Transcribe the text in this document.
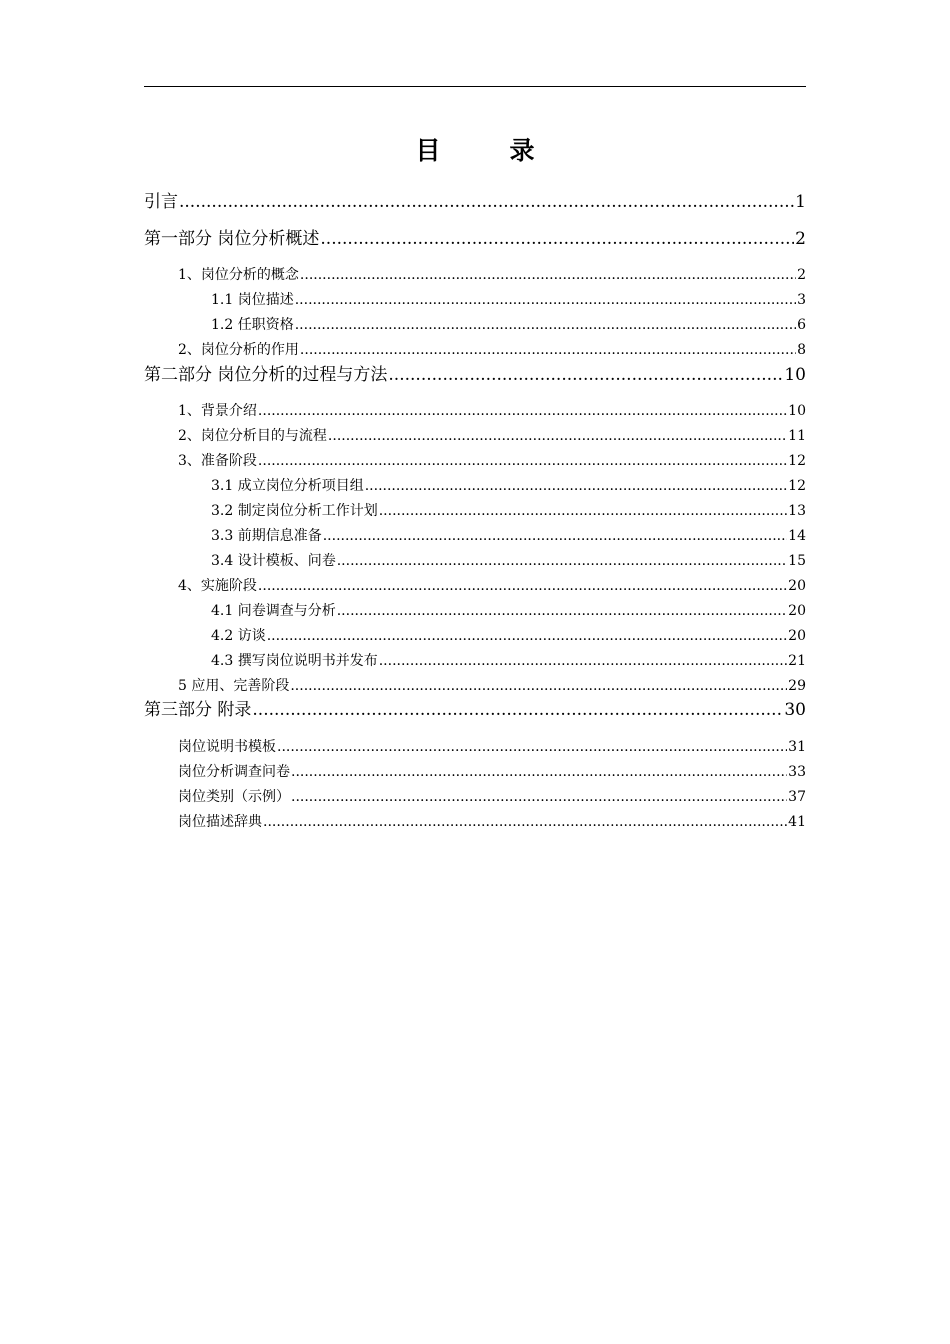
目　录
引言 .....	1
第一部分 岗位分析概述 .....	2
1、岗位分析的概念 .....	2
1.1 岗位描述 .....	3
1.2 任职资格 .....	6
2、岗位分析的作用 .....	8
第二部分 岗位分析的过程与方法 .....	10
1、背景介绍 .....	10
2、岗位分析目的与流程 .....	11
3、准备阶段 .....	12
3.1 成立岗位分析项目组 .....	12
3.2 制定岗位分析工作计划 .....	13
3.3 前期信息准备 .....	14
3.4 设计模板、问卷 .....	15
4、实施阶段 .....	20
4.1 问卷调查与分析 .....	20
4.2 访谈 .....	20
4.3 撰写岗位说明书并发布 .....	21
5 应用、完善阶段 .....	29
第三部分 附录 .....	30
岗位说明书模板 .....	31
岗位分析调查问卷 .....	33
岗位类别（示例） .....	37
岗位描述辞典 .....	41
